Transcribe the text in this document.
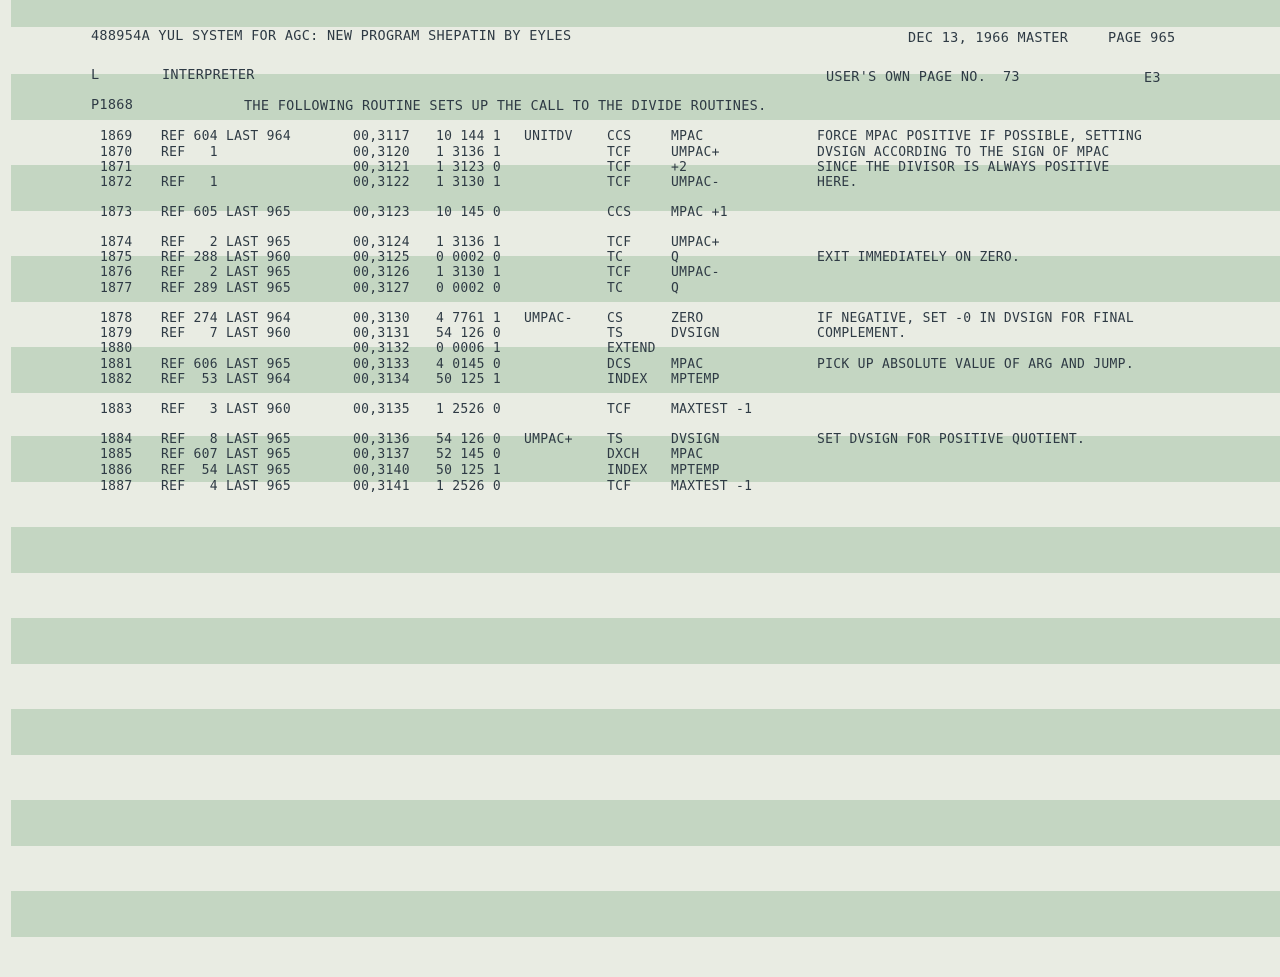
488954A YUL SYSTEM FOR AGC: NEW PROGRAM SHEPATIN BY EYLES	DEC 13, 1966 MASTER	PAGE 965
L	INTERPRETER	USER'S OWN PAGE NO.  73	E3
P1868	THE FOLLOWING ROUTINE SETS UP THE CALL TO THE DIVIDE ROUTINES.
1869 REF 604 LAST 964	00,3117 10 144 1 UNITDV	CCS	MPAC	FORCE MPAC POSITIVE IF POSSIBLE, SETTING
1870 REF   1	00,3120 1 3136 1	TCF	UMPAC+	DVSIGN ACCORDING TO THE SIGN OF MPAC
1871	00,3121 1 3123 0	TCF	+2	SINCE THE DIVISOR IS ALWAYS POSITIVE
1872 REF   1	00,3122 1 3130 1	TCF	UMPAC-	HERE.
1873 REF 605 LAST 965	00,3123 10 145 0	CCS	MPAC +1
1874 REF   2 LAST 965	00,3124 1 3136 1	TCF	UMPAC+
1875 REF 288 LAST 960	00,3125 0 0002 0	TC	Q	EXIT IMMEDIATELY ON ZERO.
1876 REF   2 LAST 965	00,3126 1 3130 1	TCF	UMPAC-
1877 REF 289 LAST 965	00,3127 0 0002 0	TC	Q
1878 REF 274 LAST 964	00,3130 4 7761 1 UMPAC-	CS	ZERO	IF NEGATIVE, SET -0 IN DVSIGN FOR FINAL
1879 REF   7 LAST 960	00,3131 54 126 0	TS	DVSIGN	COMPLEMENT.
1880	00,3132 0 0006 1	EXTEND
1881 REF 606 LAST 965	00,3133 4 0145 0	DCS	MPAC	PICK UP ABSOLUTE VALUE OF ARG AND JUMP.
1882 REF  53 LAST 964	00,3134 50 125 1	INDEX MPTEMP
1883 REF   3 LAST 960	00,3135 1 2526 0	TCF	MAXTEST -1
1884 REF   8 LAST 965	00,3136 54 126 0 UMPAC+	TS	DVSIGN	SET DVSIGN FOR POSITIVE QUOTIENT.
1885 REF 607 LAST 965	00,3137 52 145 0	DXCH MPAC
1886 REF  54 LAST 965	00,3140 50 125 1	INDEX MPTEMP
1887 REF   4 LAST 965	00,3141 1 2526 0	TCF	MAXTEST -1
